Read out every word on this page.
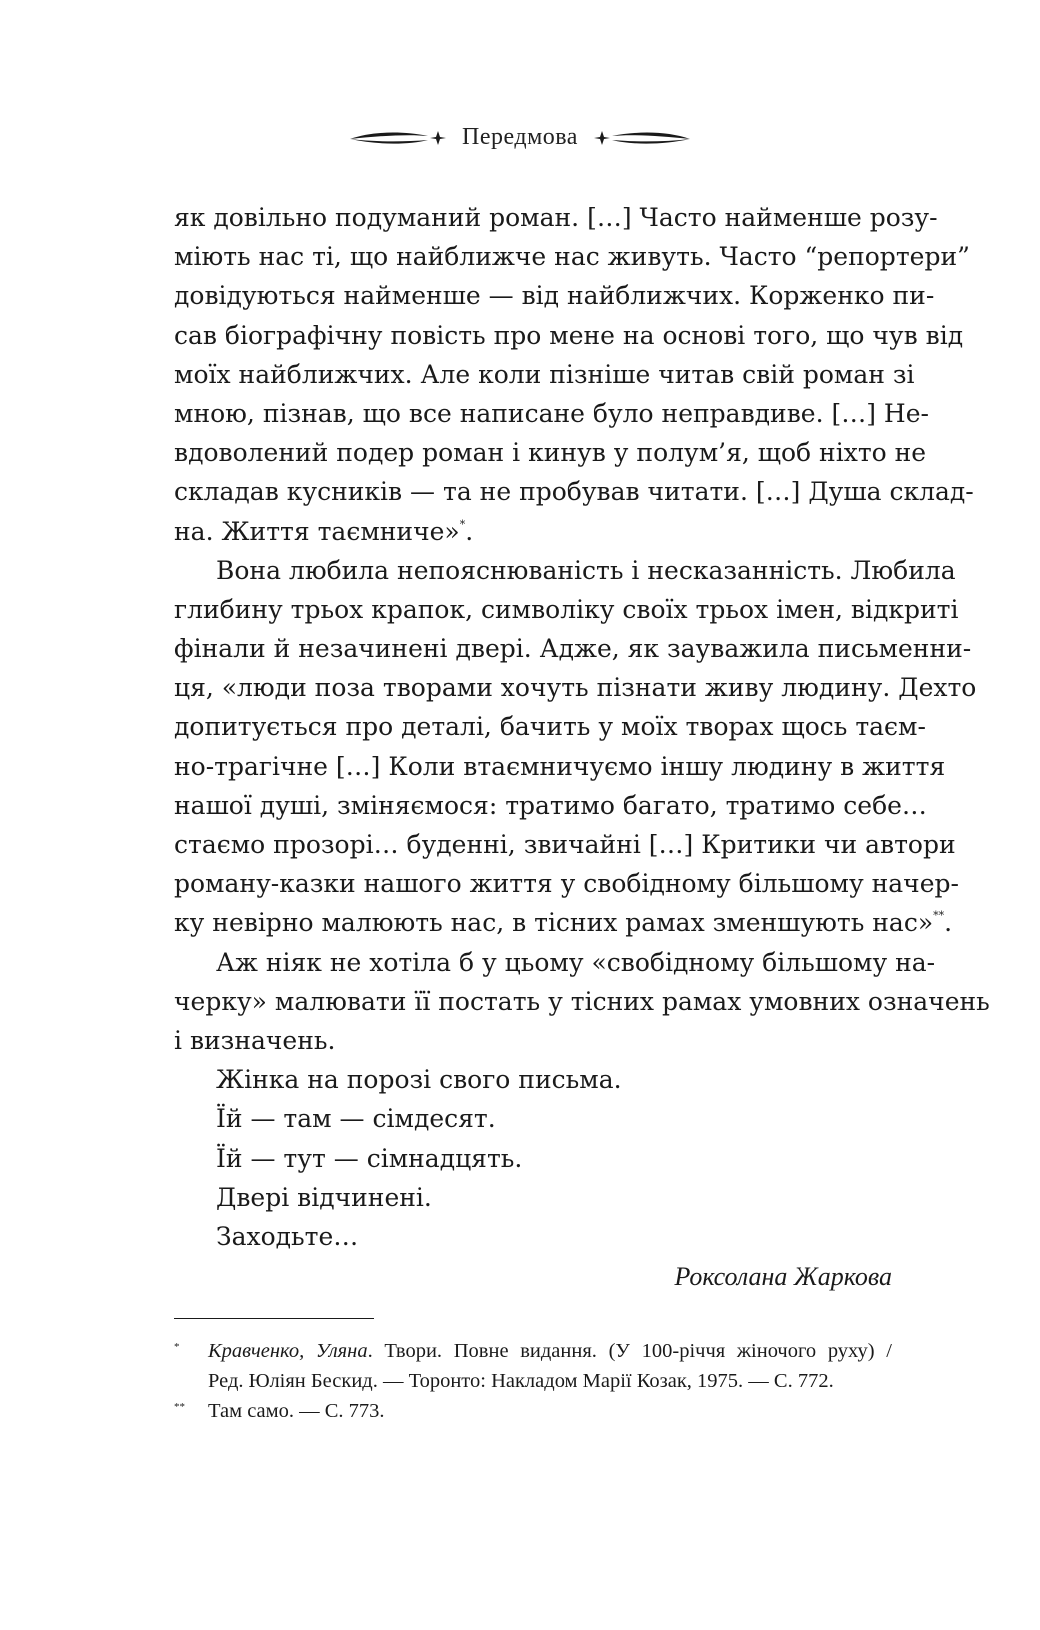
Передмова
як довільно подуманий роман. […] Часто найменше розу-
міють нас ті, що найближче нас живуть. Часто “репортери”
довідуються найменше — від найближчих. Корженко пи-
сав біографічну повість про мене на основі того, що чув від
моїх найближчих. Але коли пізніше читав свій роман зі
мною, пізнав, що все написане було неправдиве. […] Не-
вдоволений подер роман і кинув у полум’я, щоб ніхто не
складав кусників — та не пробував читати. […] Душа склад-
на. Життя таємниче»*.
Вона любила непояснюваність і несказанність. Любила
глибину трьох крапок, символіку своїх трьох імен, відкриті
фінали й незачинені двері. Адже, як зауважила письменни-
ця, «люди поза творами хочуть пізнати живу людину. Дехто
допитується про деталі, бачить у моїх творах щось таєм-
но-трагічне […] Коли втаємничуємо іншу людину в життя
нашої душі, зміняємося: тратимо багато, тратимо себе…
стаємо прозорі… буденні, звичайні […] Критики чи автори
роману-казки нашого життя у свобідному більшому начер-
ку невірно малюють нас, в тісних рамах зменшують нас»**.
Аж ніяк не хотіла б у цьому «свобідному більшому на-
черку» малювати її постать у тісних рамах умовних означень
і визначень.
Жінка на порозі свого письма.
Їй — там — сімдесят.
Їй — тут — сімнадцять.
Двері відчинені.
Заходьте…
Роксолана Жаркова
* Кравченко, Уляна. Твори. Повне видання. (У 100-річчя жіночого руху) /
Ред. Юліян Бескид. — Торонто: Накладом Марії Козак, 1975. — С. 772.
** Там само. — С. 773.
